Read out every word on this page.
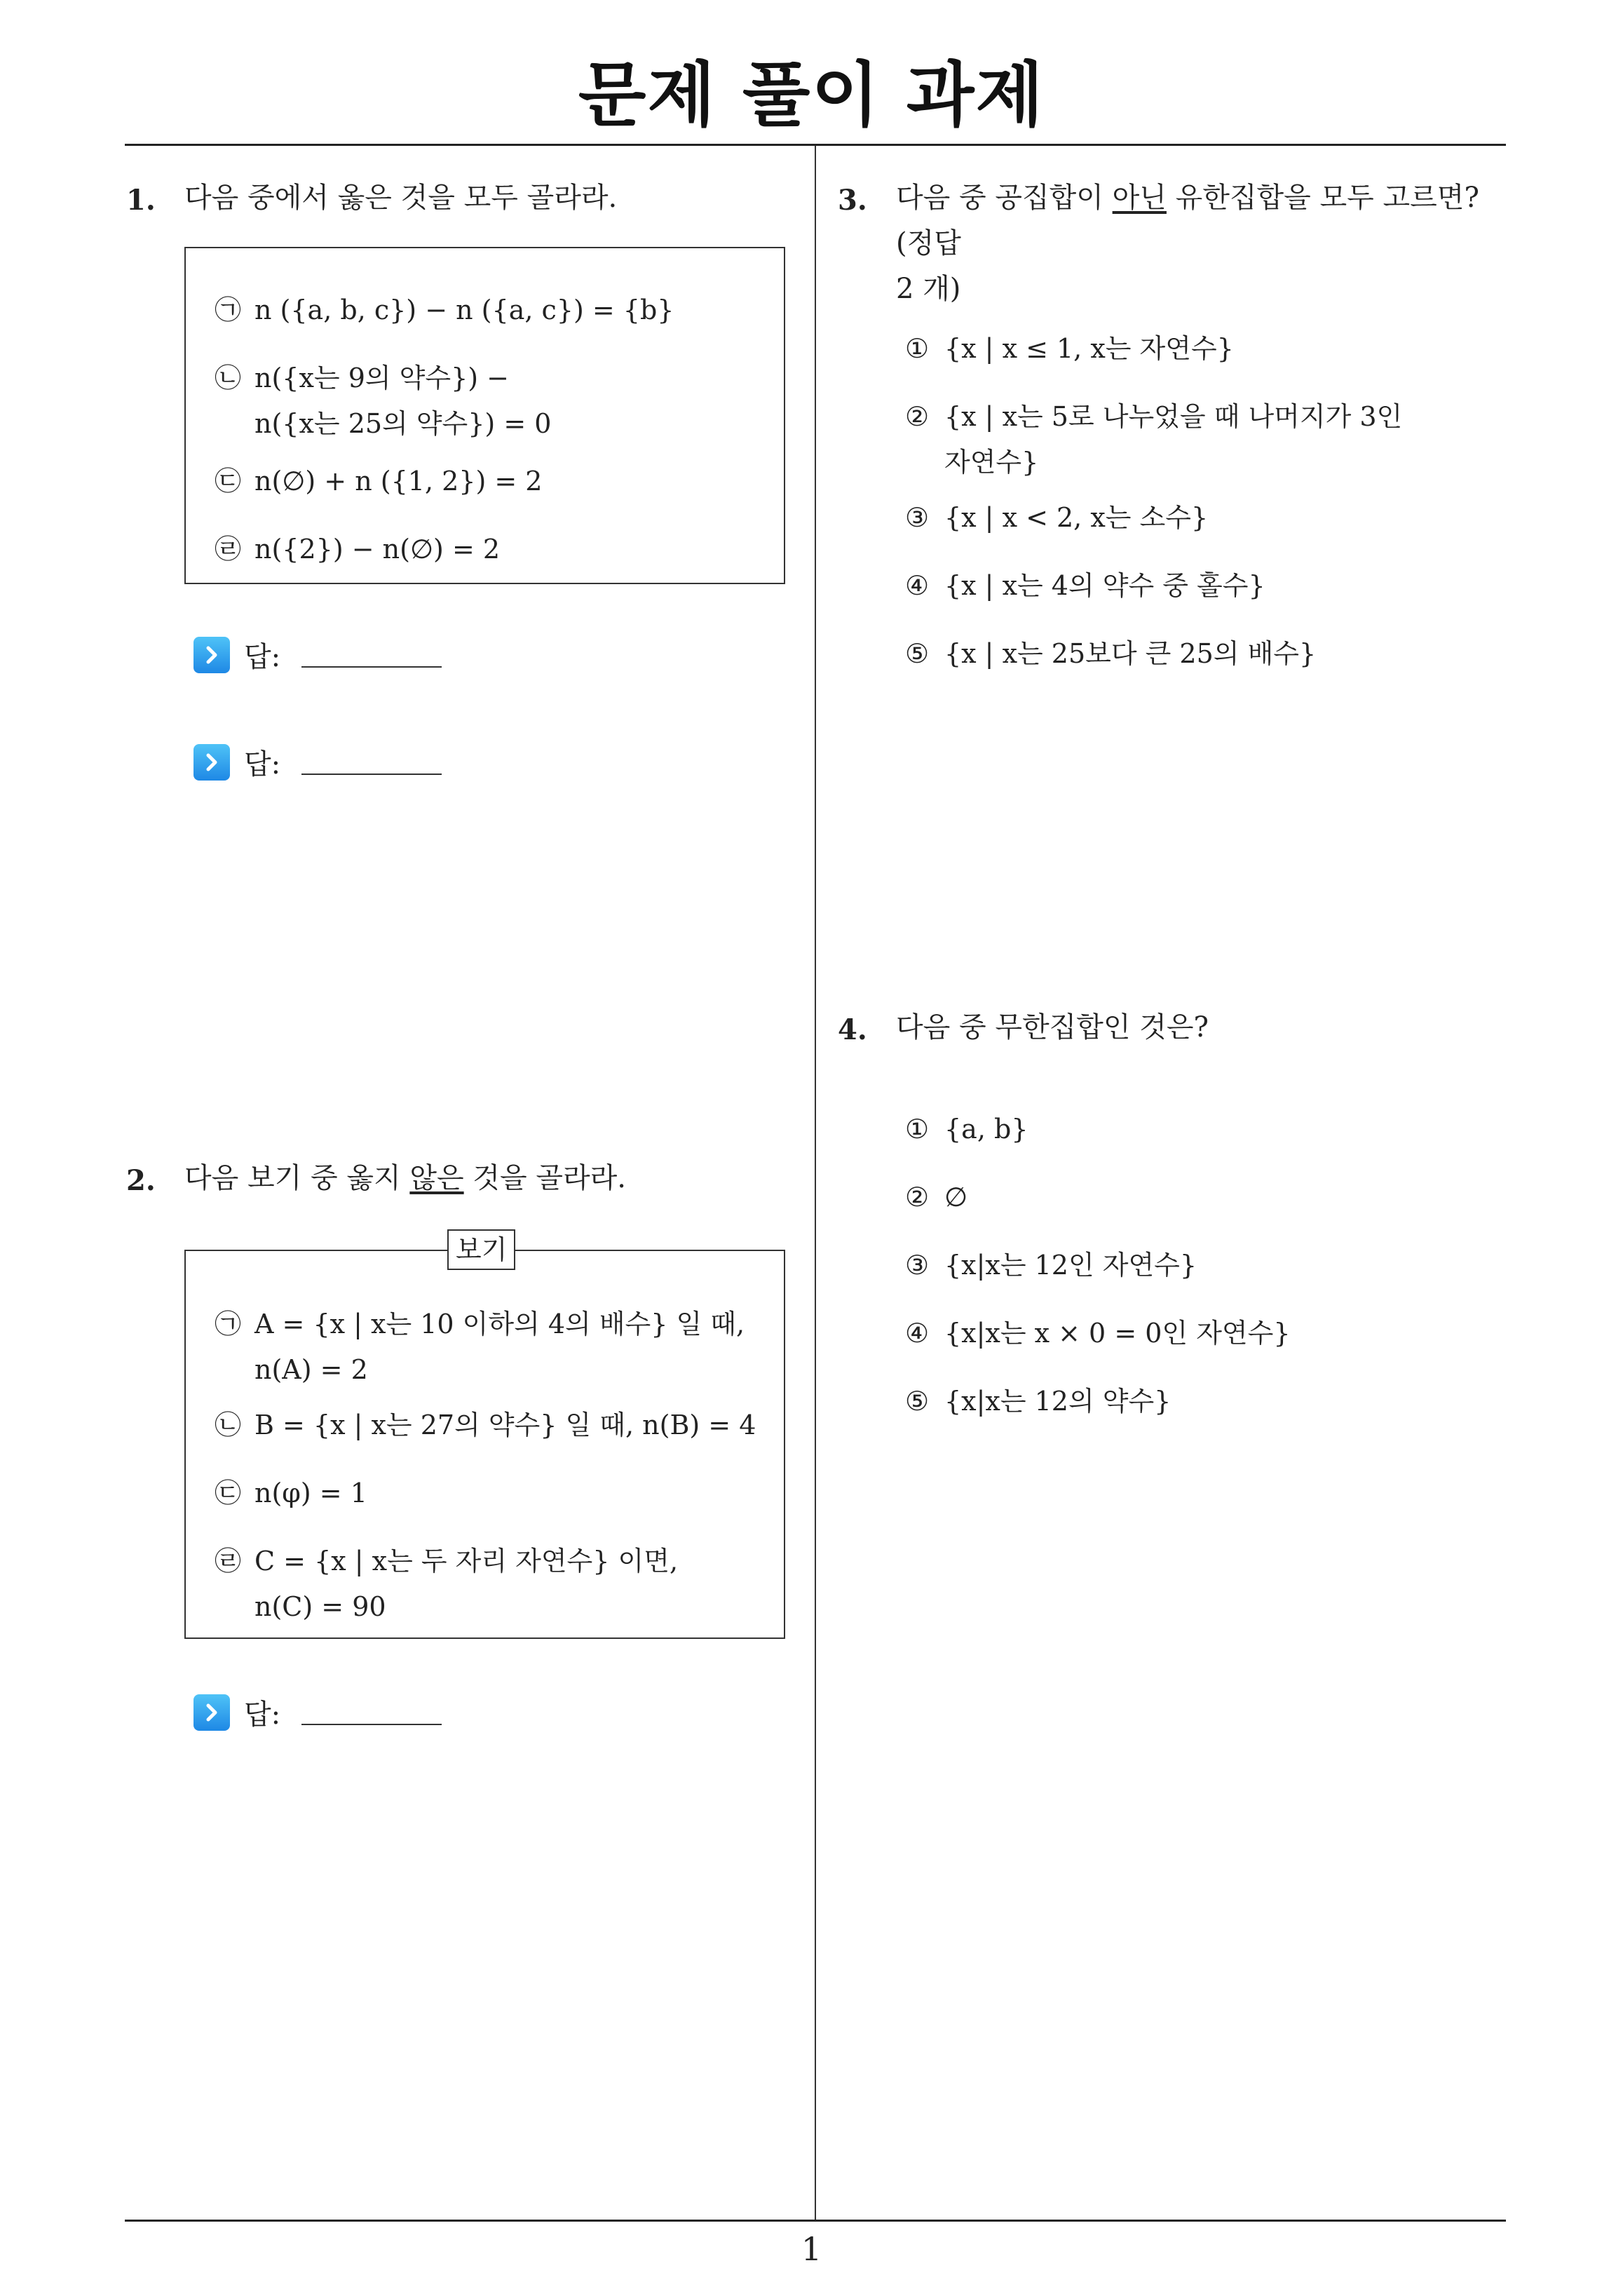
문제 풀이 과제
1. 다음 중에서 옳은 것을 모두 골라라.
㉠ n ({a, b, c}) − n ({a, c}) = {b}
㉡ n({x는 9의 약수}) −
n({x는 25의 약수}) = 0
㉢ n(∅) + n ({1, 2}) = 2
㉣ n({2}) − n(∅) = 2
답:
답:
2. 다음 보기 중 옳지 않은 것을 골라라.
보기
㉠ A = {x | x는 10 이하의 4의 배수} 일 때,
n(A) = 2
㉡ B = {x | x는 27의 약수} 일 때, n(B) = 4
㉢ n(φ) = 1
㉣ C = {x | x는 두 자리 자연수} 이면,
n(C) = 90
답:
3. 다음 중 공집합이 아닌 유한집합을 모두 고르면? (정답
2 개)
① {x | x ≤ 1, x는 자연수}
② {x | x는 5로 나누었을 때 나머지가 3인
자연수}
③ {x | x < 2, x는 소수}
④ {x | x는 4의 약수 중 홀수}
⑤ {x | x는 25보다 큰 25의 배수}
4. 다음 중 무한집합인 것은?
① {a, b}
② ∅
③ {x|x는 12인 자연수}
④ {x|x는 x × 0 = 0인 자연수}
⑤ {x|x는 12의 약수}
1
